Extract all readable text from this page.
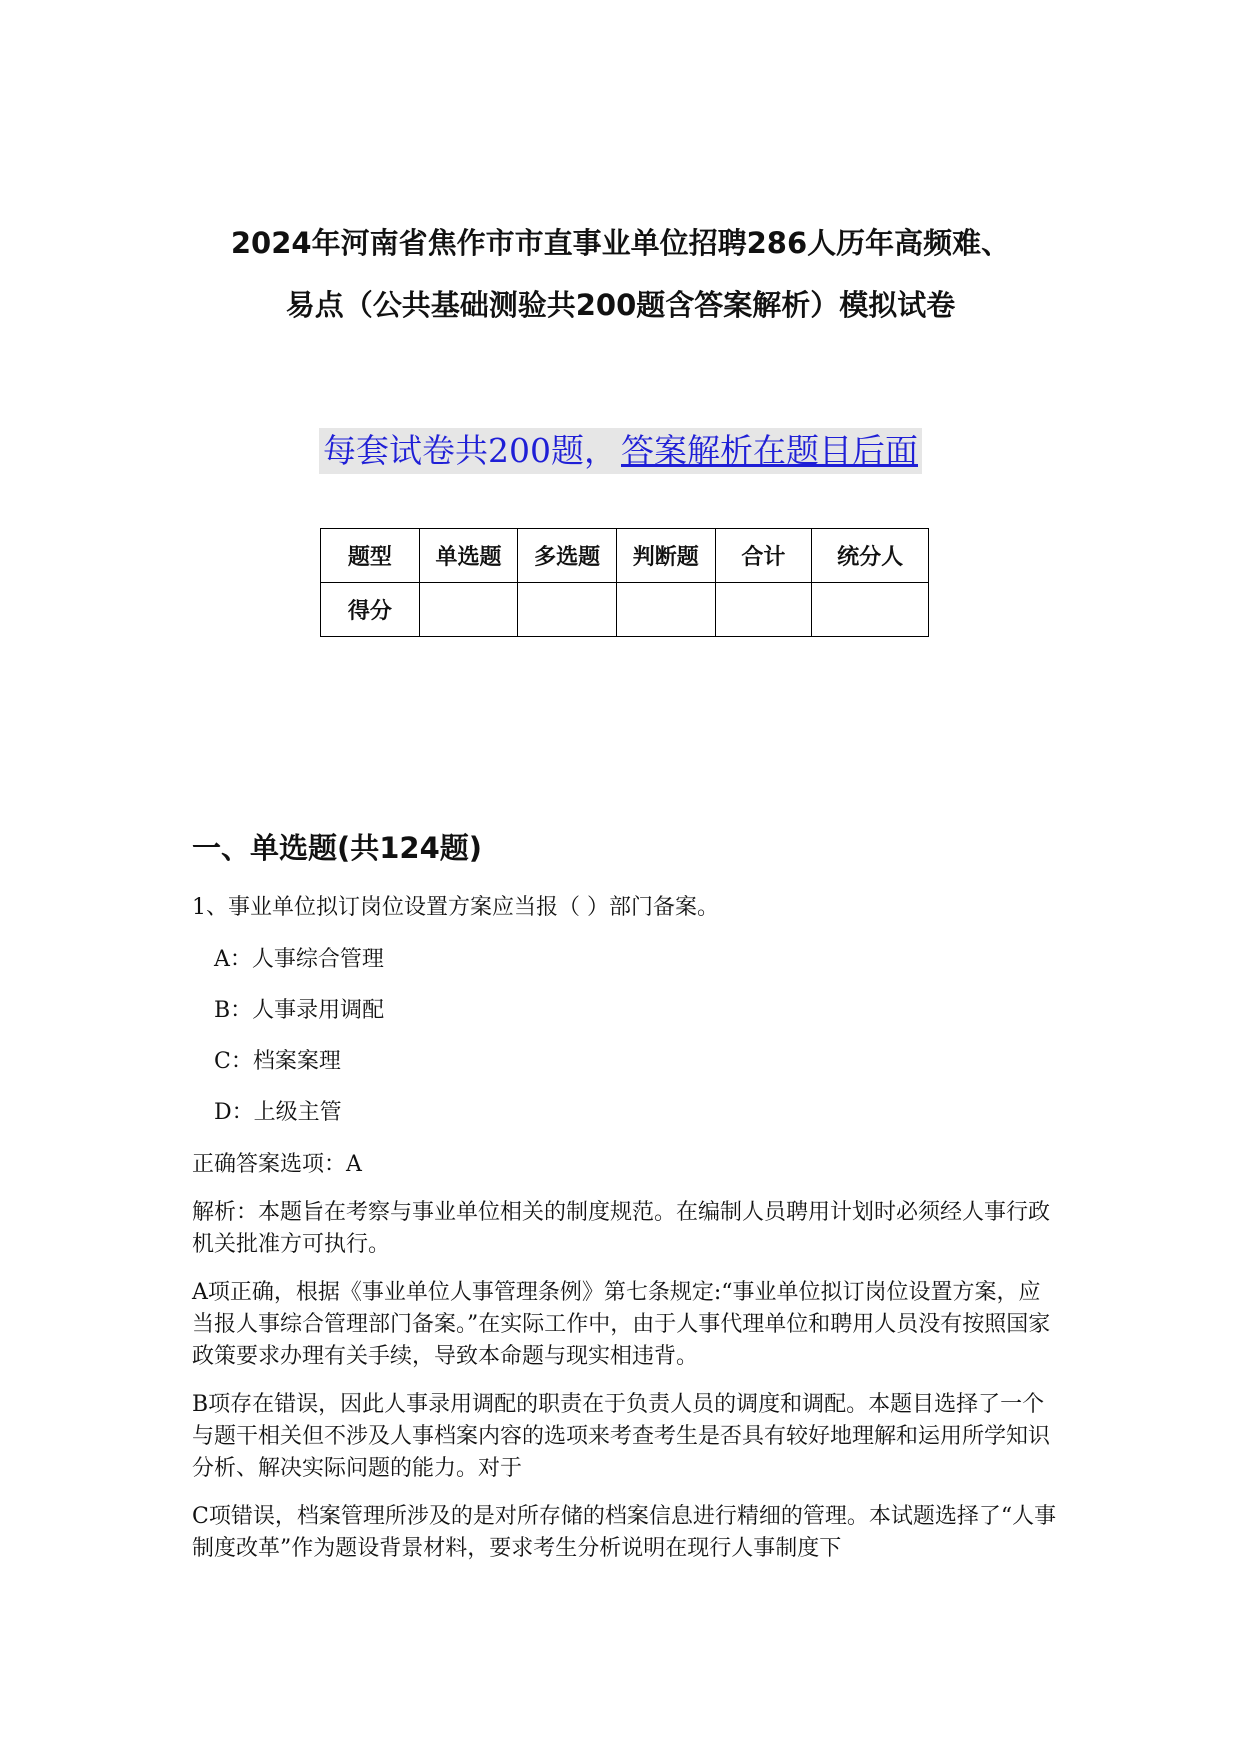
2024年河南省焦作市市直事业单位招聘286人历年高频难、
易点（公共基础测验共200题含答案解析）模拟试卷
每套试卷共200题， 答案解析在题目后面
题型	单选题	多选题	判断题	合计	统分人
得分					
一、单选题(共124题)

1、事业单位拟订岗位设置方案应当报（ ）部门备案。

A：人事综合管理

B：人事录用调配

C：档案案理

D：上级主管

正确答案选项：A

解析：本题旨在考察与事业单位相关的制度规范。在编制人员聘用计划时必须经人事行政机关批准方可执行。

A项正确，根据《事业单位人事管理条例》第七条规定:“事业单位拟订岗位设置方案，应当报人事综合管理部门备案。”在实际工作中，由于人事代理单位和聘用人员没有按照国家政策要求办理有关手续，导致本命题与现实相违背。

B项存在错误，因此人事录用调配的职责在于负责人员的调度和调配。本题目选择了一个与题干相关但不涉及人事档案内容的选项来考查考生是否具有较好地理解和运用所学知识分析、解决实际问题的能力。对于

C项错误，档案管理所涉及的是对所存储的档案信息进行精细的管理。本试题选择了“人事制度改革”作为题设背景材料，要求考生分析说明在现行人事制度下
